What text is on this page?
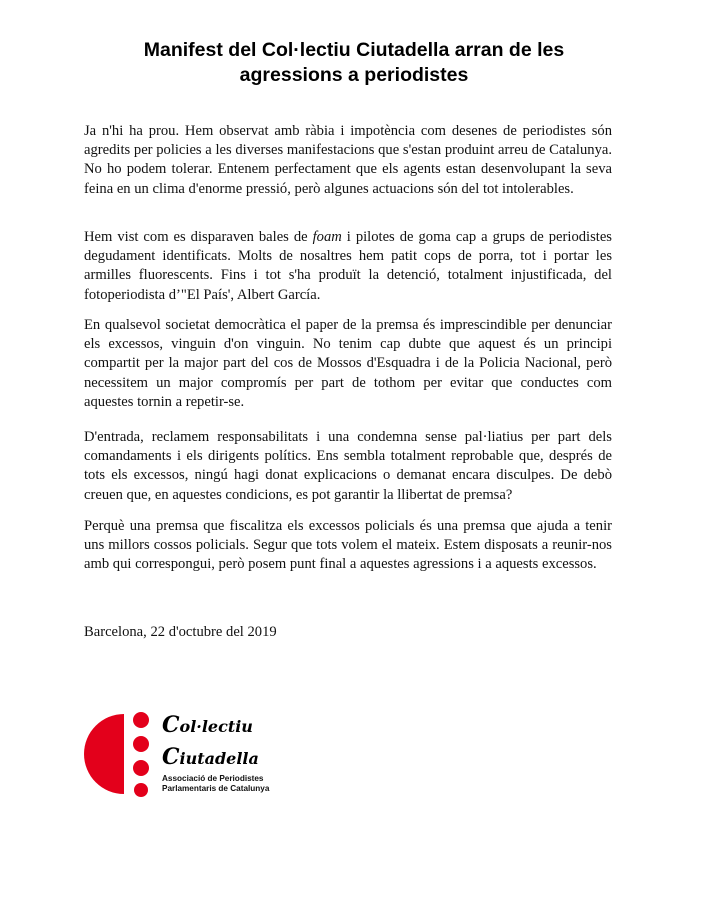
Manifest del Col·lectiu Ciutadella arran de les
agressions a periodistes

Ja n'hi ha prou. Hem observat amb ràbia i impotència com desenes de periodistes són agredits per policies a les diverses manifestacions que s'estan produint arreu de Catalunya. No ho podem tolerar. Entenem perfectament que els agents estan desenvolupant la seva feina en un clima d'enorme pressió, però algunes actuacions són del tot intolerables.

Hem vist com es disparaven bales de foam i pilotes de goma cap a grups de periodistes degudament identificats. Molts de nosaltres hem patit cops de porra, tot i portar les armilles fluorescents. Fins i tot s'ha produït la detenció, totalment injustificada, del fotoperiodista d’"El País', Albert García.

En qualsevol societat democràtica el paper de la premsa és imprescindible per denunciar els excessos, vinguin d'on vinguin. No tenim cap dubte que aquest és un principi compartit per la major part del cos de Mossos d'Esquadra i de la Policia Nacional, però necessitem un major compromís per part de tothom per evitar que conductes com aquestes tornin a repetir-se.

D'entrada, reclamem responsabilitats i una condemna sense pal·liatius per part dels comandaments i els dirigents polítics. Ens sembla totalment reprobable que, després de tots els excessos, ningú hagi donat explicacions o demanat encara disculpes. De debò creuen que, en aquestes condicions, es pot garantir la llibertat de premsa?

Perquè una premsa que fiscalitza els excessos policials és una premsa que ajuda a tenir uns millors cossos policials. Segur que tots volem el mateix. Estem disposats a reunir-nos amb qui correspongui, però posem punt final a aquestes agressions i a aquests excessos.

Barcelona, 22 d'octubre del 2019
Col·lectiu
Ciutadella
Associació de Periodistes
Parlamentaris de Catalunya
